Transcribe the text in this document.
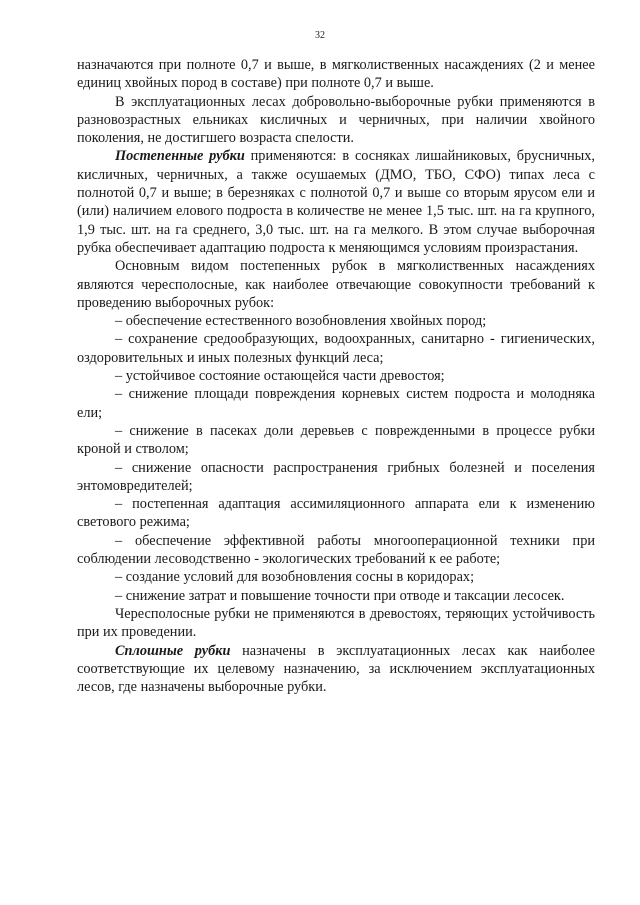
32

назначаются при полноте 0,7 и выше, в мягколиственных насаждениях (2 и менее единиц хвойных пород в составе) при полноте 0,7 и выше.

В эксплуатационных лесах добровольно-выборочные рубки применяются в разновозрастных ельниках кисличных и черничных, при наличии хвойного поколения, не достигшего возраста спелости.

Постепенные рубки применяются: в сосняках лишайниковых, брусничных, кисличных, черничных, а также осушаемых (ДМО, ТБО, СФО) типах леса с полнотой 0,7 и выше; в березняках с полнотой 0,7 и выше со вторым ярусом ели и (или) наличием елового подроста в количестве не менее 1,5 тыс. шт. на га крупного, 1,9 тыс. шт. на га среднего, 3,0 тыс. шт. на га мелкого. В этом случае выборочная рубка обеспечивает адаптацию подроста к меняющимся условиям произрастания.

Основным видом постепенных рубок в мягколиственных насаждениях являются чересполосные, как наиболее отвечающие совокупности требований к проведению выборочных рубок:

– обеспечение естественного возобновления хвойных пород;

– сохранение средообразующих, водоохранных, санитарно - гигиенических, оздоровительных и иных полезных функций леса;

– устойчивое состояние остающейся части древостоя;

– снижение площади повреждения корневых систем подроста и молодняка ели;

– снижение в пасеках доли деревьев с поврежденными в процессе рубки кроной и стволом;

– снижение опасности распространения грибных болезней и поселения энтомовредителей;

– постепенная адаптация ассимиляционного аппарата ели к изменению светового режима;

– обеспечение эффективной работы многооперационной техники при соблюдении лесоводственно - экологических требований к ее работе;

– создание условий для возобновления сосны в коридорах;

– снижение затрат и повышение точности при отводе и таксации лесосек.

Чересполосные рубки не применяются в древостоях, теряющих устойчивость при их проведении.

Сплошные рубки назначены в эксплуатационных лесах как наиболее соответствующие их целевому назначению, за исключением эксплуатационных лесов, где назначены выборочные рубки.
